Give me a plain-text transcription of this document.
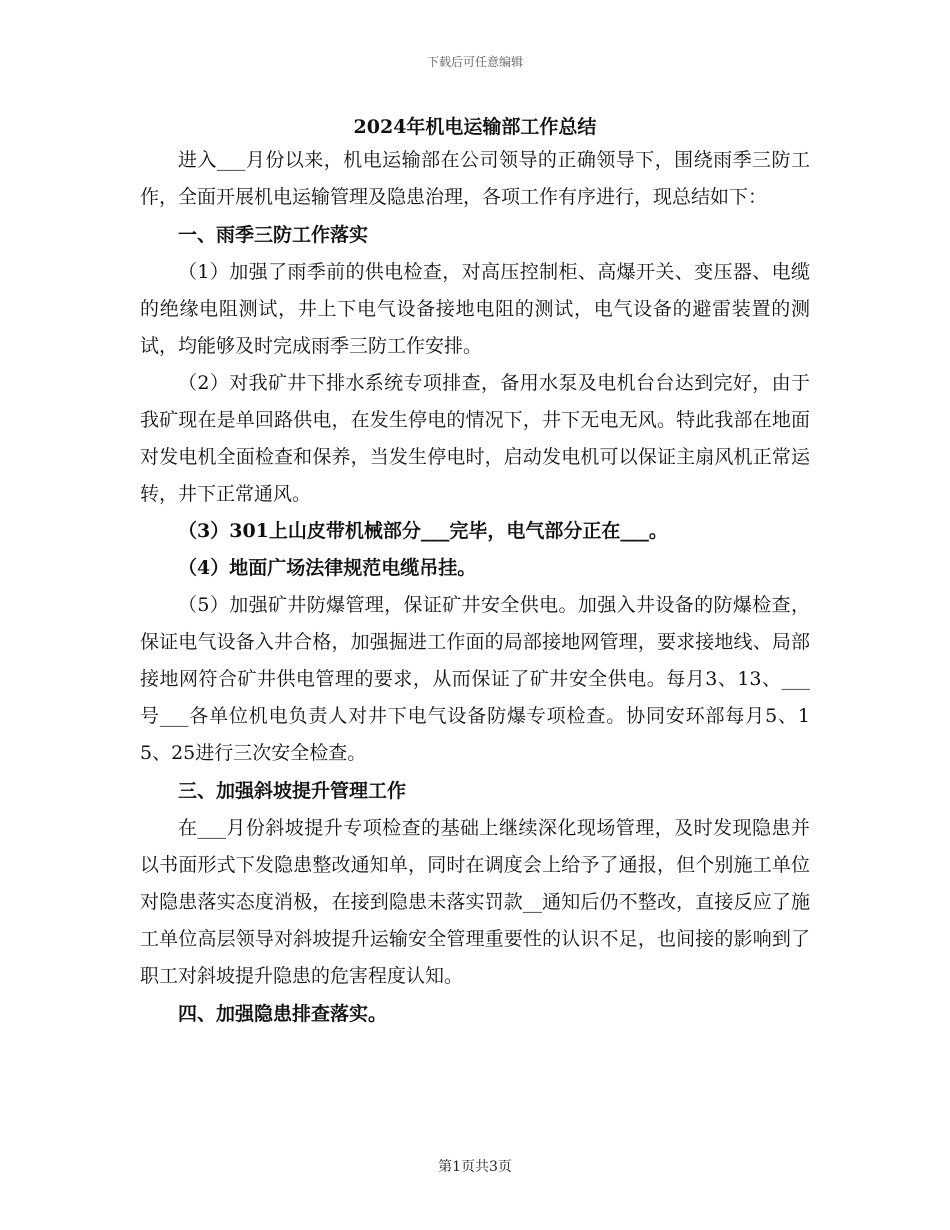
下载后可任意编辑
2024年机电运输部工作总结

进入___月份以来，机电运输部在公司领导的正确领导下，围绕雨季三防工作，全面开展机电运输管理及隐患治理，各项工作有序进行，现总结如下：

一、雨季三防工作落实

（1）加强了雨季前的供电检查，对高压控制柜、高爆开关、变压器、电缆的绝缘电阻测试，井上下电气设备接地电阻的测试，电气设备的避雷装置的测试，均能够及时完成雨季三防工作安排。

（2）对我矿井下排水系统专项排查，备用水泵及电机台台达到完好，由于我矿现在是单回路供电，在发生停电的情况下，井下无电无风。特此我部在地面对发电机全面检查和保养，当发生停电时，启动发电机可以保证主扇风机正常运转，井下正常通风。

（3）301上山皮带机械部分___完毕，电气部分正在___。

（4）地面广场法律规范电缆吊挂。

（5）加强矿井防爆管理，保证矿井安全供电。加强入井设备的防爆检查，保证电气设备入井合格，加强掘进工作面的局部接地网管理，要求接地线、局部接地网符合矿井供电管理的要求，从而保证了矿井安全供电。每月3、13、___号___各单位机电负责人对井下电气设备防爆专项检查。协同安环部每月5、15、25进行三次安全检查。

三、加强斜坡提升管理工作

在___月份斜坡提升专项检查的基础上继续深化现场管理，及时发现隐患并以书面形式下发隐患整改通知单，同时在调度会上给予了通报，但个别施工单位对隐患落实态度消极，在接到隐患未落实罚款__通知后仍不整改，直接反应了施工单位高层领导对斜坡提升运输安全管理重要性的认识不足，也间接的影响到了职工对斜坡提升隐患的危害程度认知。

四、加强隐患排查落实。

第1页共3页
